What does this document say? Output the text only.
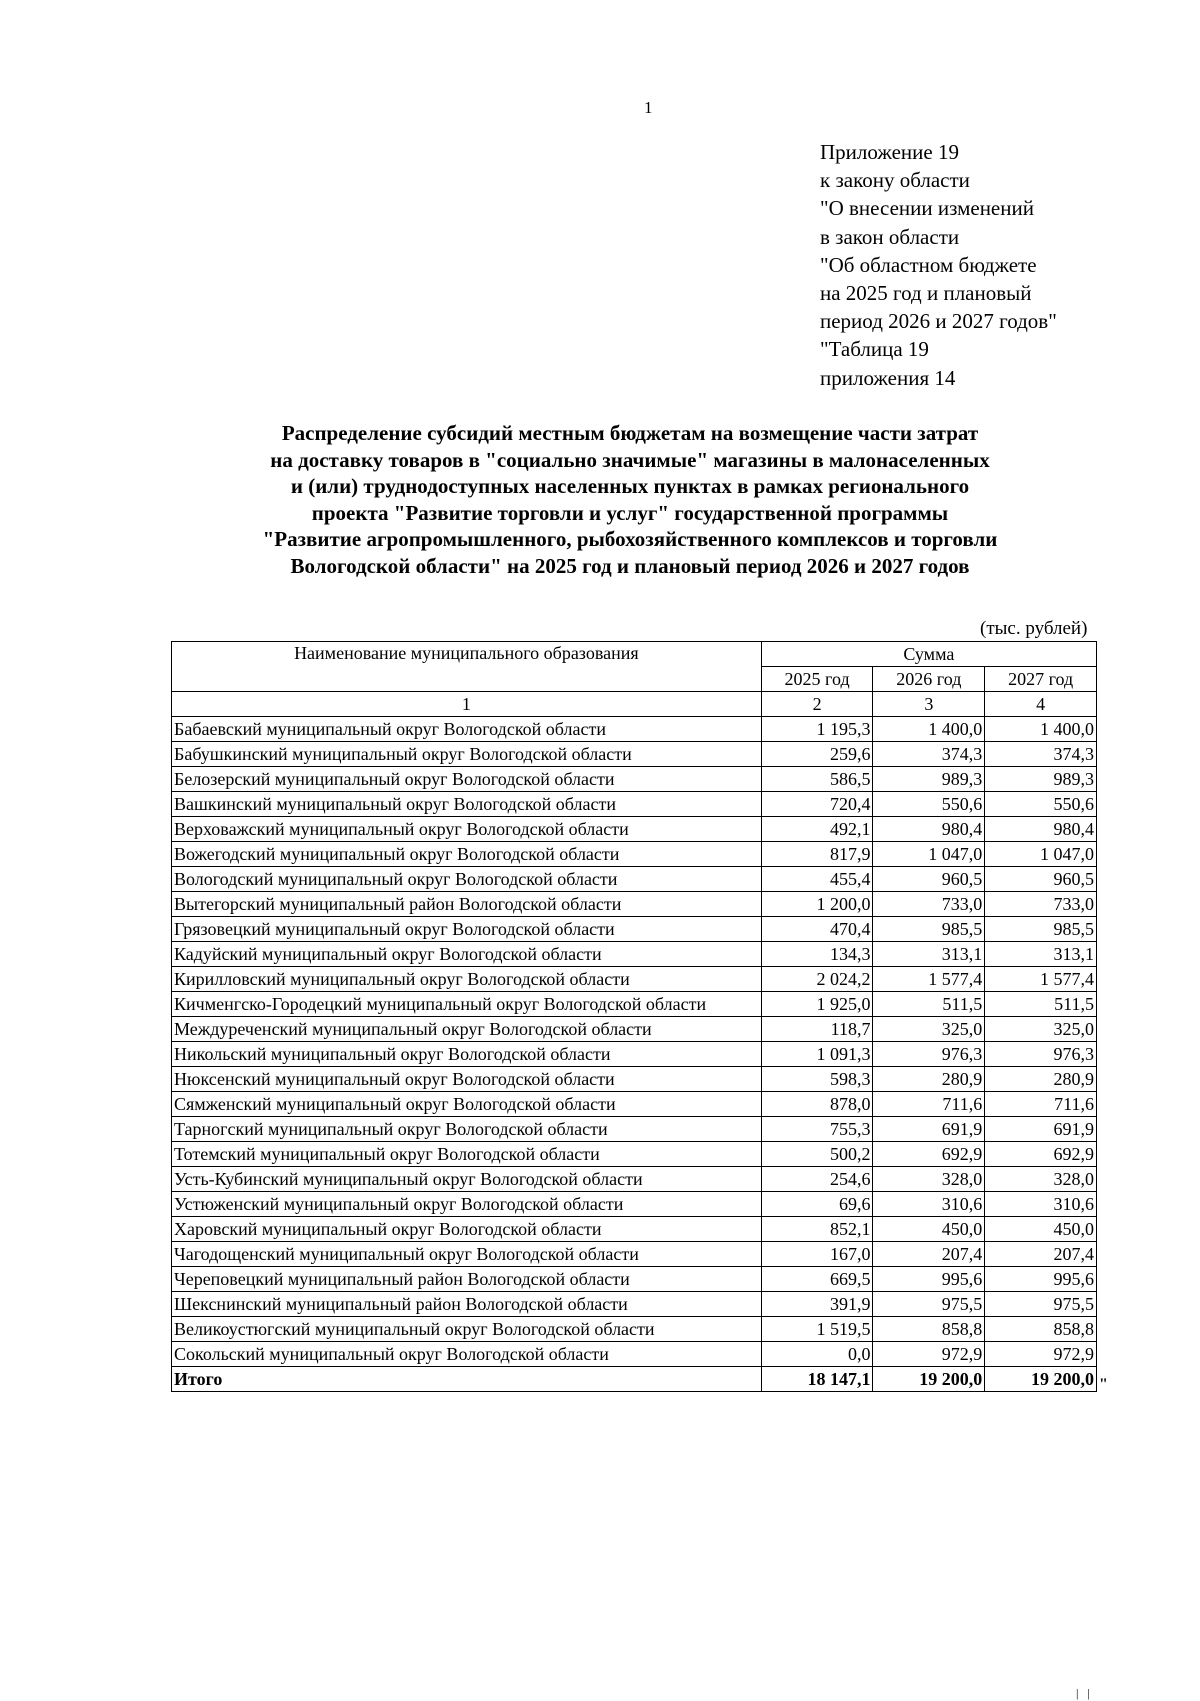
1
Приложение 19
к закону области
"О внесении изменений
в закон области
"Об областном бюджете
на 2025 год и плановый
период 2026 и 2027 годов"
"Таблица 19
приложения 14
Распределение субсидий местным бюджетам на возмещение части затрат
на доставку товаров в "социально значимые" магазины в малонаселенных
и (или) труднодоступных населенных пунктах в рамках регионального
проекта "Развитие торговли и услуг" государственной программы
"Развитие агропромышленного, рыбохозяйственного комплексов и торговли
Вологодской области" на 2025 год и плановый период 2026 и 2027 годов
(тыс. рублей)
Наименование муниципального образования	Сумма		
	2025 год	2026 год	2027 год
1	2	3	4
Бабаевский муниципальный округ Вологодской области	1 195,3	1 400,0	1 400,0
Бабушкинский муниципальный округ Вологодской области	259,6	374,3	374,3
Белозерский муниципальный округ Вологодской области	586,5	989,3	989,3
Вашкинский муниципальный округ Вологодской области	720,4	550,6	550,6
Верховажский муниципальный округ Вологодской области	492,1	980,4	980,4
Вожегодский муниципальный округ Вологодской области	817,9	1 047,0	1 047,0
Вологодский муниципальный округ Вологодской области	455,4	960,5	960,5
Вытегорский муниципальный район Вологодской области	1 200,0	733,0	733,0
Грязовецкий муниципальный округ Вологодской области	470,4	985,5	985,5
Кадуйский муниципальный округ Вологодской области	134,3	313,1	313,1
Кирилловский муниципальный округ Вологодской области	2 024,2	1 577,4	1 577,4
Кичменгско-Городецкий муниципальный округ Вологодской области	1 925,0	511,5	511,5
Междуреченский муниципальный округ Вологодской области	118,7	325,0	325,0
Никольский муниципальный округ Вологодской области	1 091,3	976,3	976,3
Нюксенский муниципальный округ Вологодской области	598,3	280,9	280,9
Сямженский муниципальный округ Вологодской области	878,0	711,6	711,6
Тарногский муниципальный округ Вологодской области	755,3	691,9	691,9
Тотемский муниципальный округ Вологодской области	500,2	692,9	692,9
Усть-Кубинский муниципальный округ Вологодской области	254,6	328,0	328,0
Устюженский муниципальный округ Вологодской области	69,6	310,6	310,6
Харовский муниципальный округ Вологодской области	852,1	450,0	450,0
Чагодощенский муниципальный округ Вологодской области	167,0	207,4	207,4
Череповецкий муниципальный район Вологодской области	669,5	995,6	995,6
Шекснинский муниципальный район Вологодской области	391,9	975,5	975,5
Великоустюгский муниципальный округ Вологодской области	1 519,5	858,8	858,8
Сокольский муниципальный округ Вологодской области	0,0	972,9	972,9
Итого	18 147,1	19 200,0	19 200,0 "
| |
